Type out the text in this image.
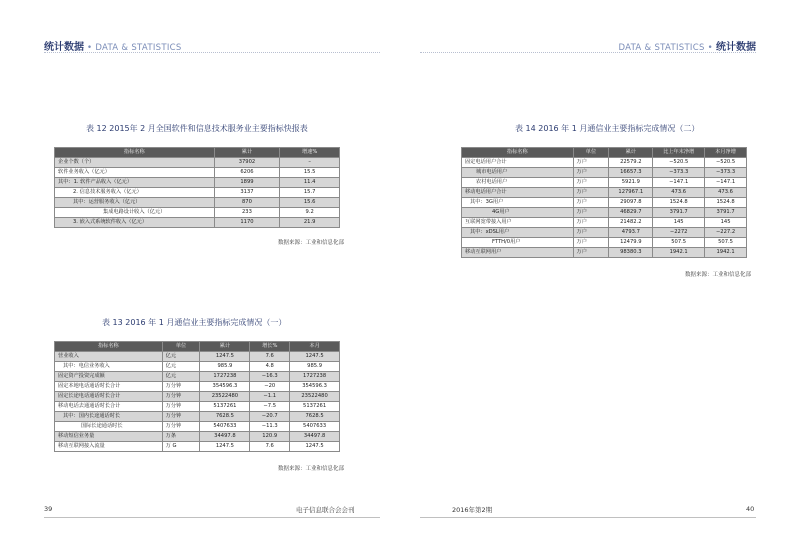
统计数据 • DATA & STATISTICS	DATA & STATISTICS • 统计数据
表 12 2015年 2 月全国软件和信息技术服务业主要指标快报表
指标名称	累计	增速%
企业个数（个）	37902	–
软件业务收入（亿元）	6206	15.5
其中：1. 软件产品收入（亿元）	1899	11.4
2. 信息技术服务收入（亿元）	3137	15.7
其中：运营服务收入（亿元）	870	15.6
集成电路设计收入（亿元）	233	9.2
3. 嵌入式系统软件收入（亿元）	1170	21.9
数据来源：工业和信息化部
表 13 2016 年 1 月通信业主要指标完成情况（一）
指标名称	单位	累计	增长%	本月
营业收入	亿元	1247.5	7.6	1247.5
其中：电信业务收入	亿元	985.9	4.8	985.9
固定资产投资完成额	亿元	1727238	−16.3	1727238
固定本地电话通话时长合计	万分钟	354596.3	−20	354596.3
固定长途电话通话时长合计	万分钟	23522480	−1.1	23522480
移动电话去通通话时长合计	万分钟	5137261	−7.5	5137261
其中：国内长途通话时长	万分钟	7628.5	−20.7	7628.5
国际长途通话时长	万分钟	5407633	−11.3	5407633
移动短信业务量	万条	34497.8	120.9	34497.8
移动互联网接入流量	万 G	1247.5	7.6	1247.5
数据来源：工业和信息化部
表 14 2016 年 1 月通信业主要指标完成情况（二）
指标名称	单位	累计	比上年末净增	本月净增
固定电话用户合计	万户	22579.2	−520.5	−520.5
城市电话用户	万户	16657.3	−373.3	−373.3
农村电话用户	万户	5921.9	−147.1	−147.1
移动电话用户合计	万户	127967.1	473.6	473.6
其中：3G用户	万户	29097.8	1524.8	1524.8
4G用户	万户	46829.7	3791.7	3791.7
互联网宽带接入用户	万户	21482.2	145	145
其中：xDSL用户	万户	4793.7	−2272	−227.2
FTTH/0用户	万户	12479.9	507.5	507.5
移动互联网用户	万户	98380.3	1942.1	1942.1
数据来源：工业和信息化部
39	电子信息联合会会刊	2016年第2期	40
